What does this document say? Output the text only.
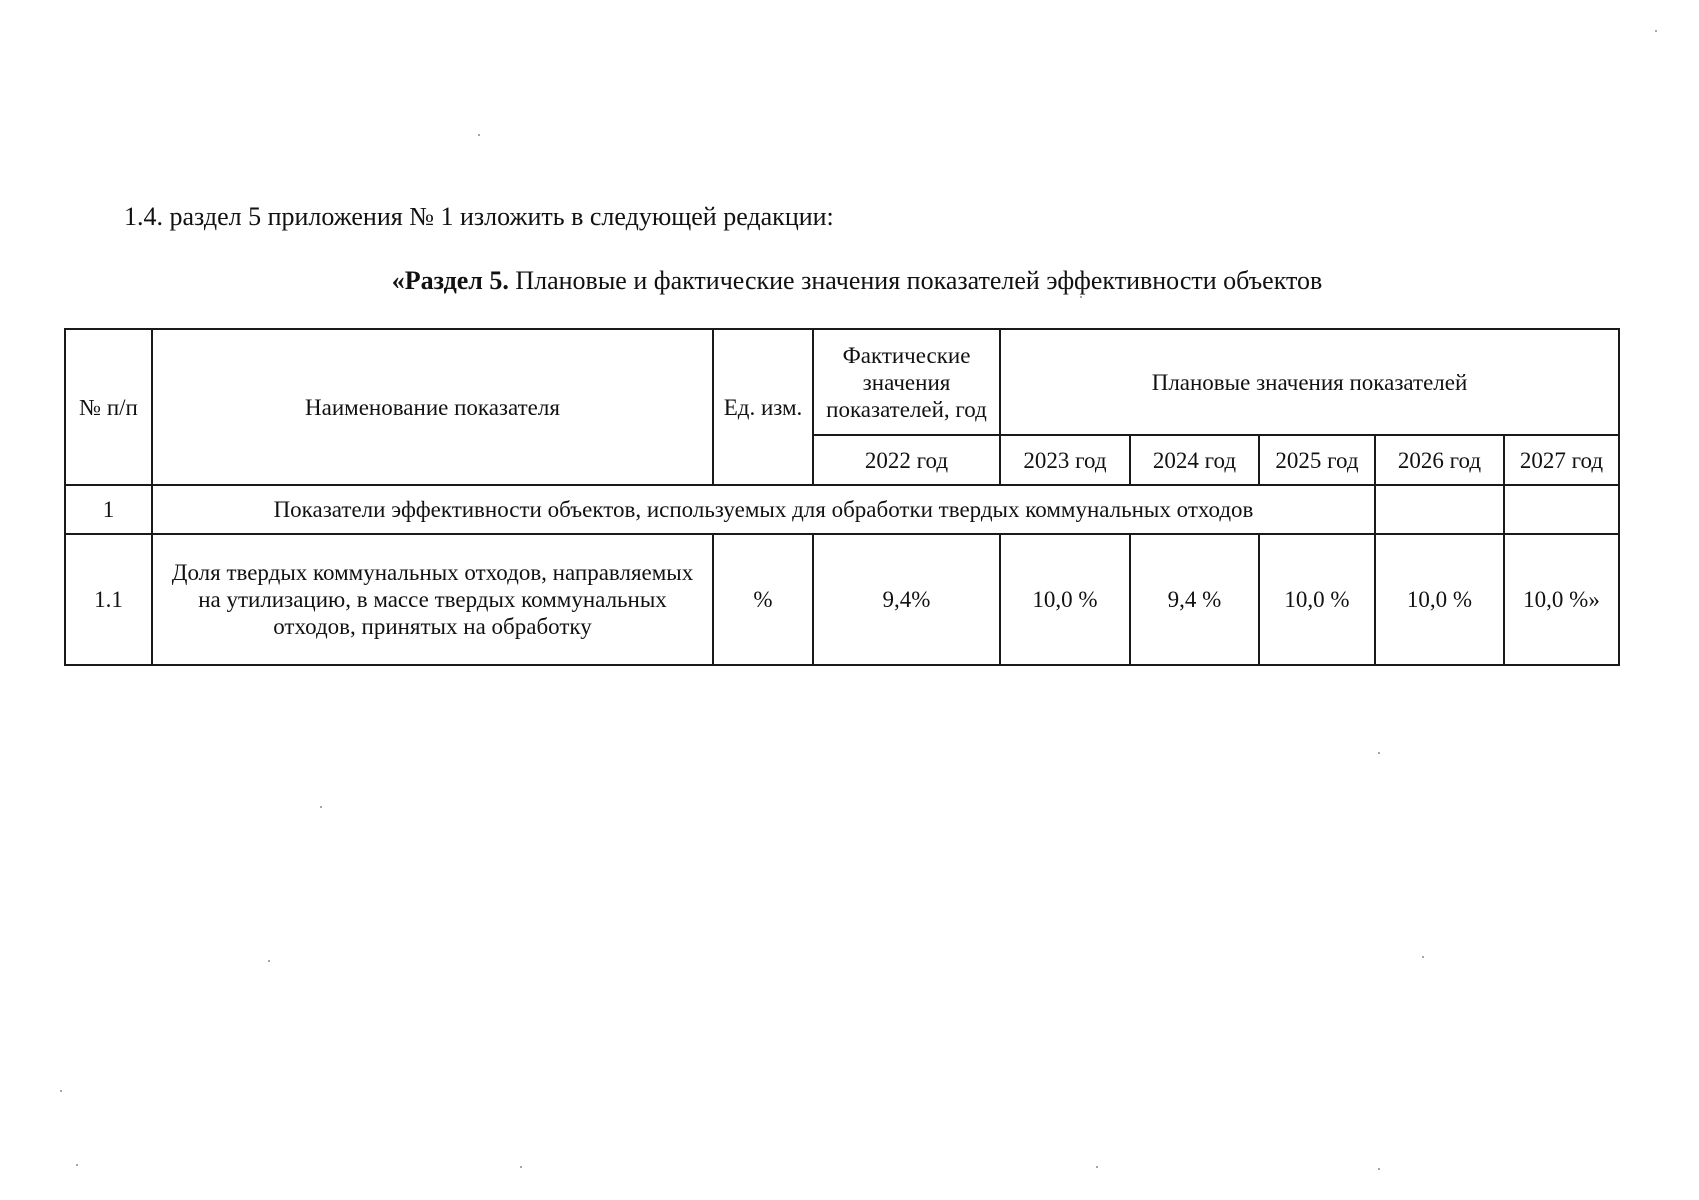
1.4. раздел 5 приложения № 1 изложить в следующей редакции:
«Раздел 5. Плановые и фактические значения показателей эффективности объектов
№ п/п	Наименование показателя	Ед. изм.	Фактические значения показателей, год	Плановые значения показателей				
			2022 год	2023 год	2024 год	2025 год	2026 год	2027 год
1	Показатели эффективности объектов, используемых для обработки твердых коммунальных отходов							
1.1	Доля твердых коммунальных отходов, направляемых на утилизацию, в массе твердых коммунальных отходов, принятых на обработку	%	9,4%	10,0 %	9,4 %	10,0 %	10,0 %	10,0 %»
